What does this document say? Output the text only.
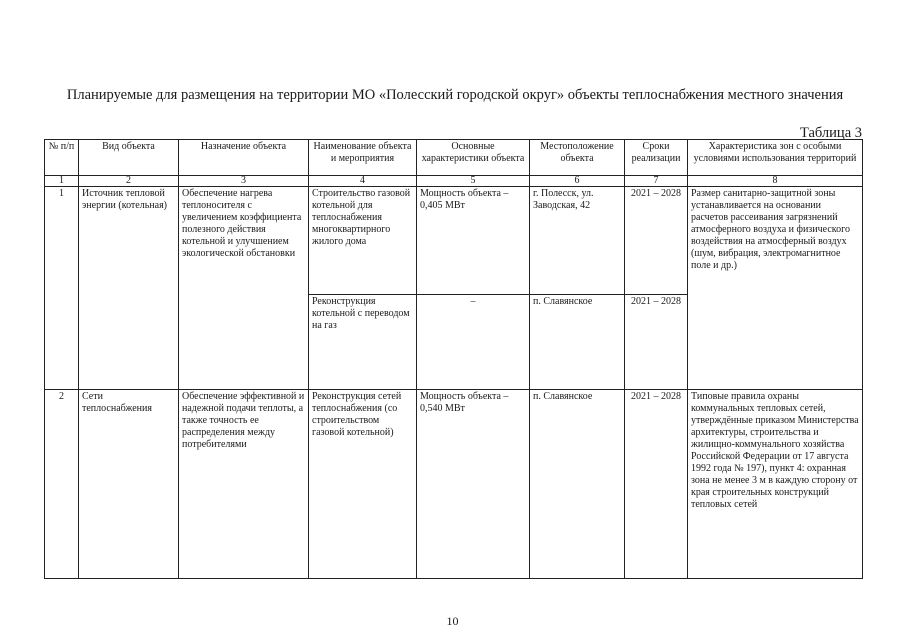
Планируемые для размещения на территории МО «Полесский городской округ» объекты теплоснабжения местного значения
Таблица 3
№ п/п	Вид объекта	Назначение объекта	Наименование объекта и мероприятия	Основные характеристики объекта	Местоположение объекта	Сроки реализации	Характеристика зон с особыми условиями использования территорий
1	2	3	4	5	6	7	8
1	Источник тепловой энергии (котельная)	Обеспечение нагрева теплоносителя с увеличением коэффициента полезного действия котельной и улучшением экологической обстановки	Строительство газовой котельной для теплоснабжения многоквартирного жилого дома	Мощность объекта – 0,405 МВт	г. Полесск, ул. Заводская, 42	2021 – 2028	Размер санитарно-защитной зоны устанавливается на основании расчетов рассеивания загрязнений атмосферного воздуха и физического воздействия на атмосферный воздух (шум, вибрация, электромагнитное поле и др.)
			Реконструкция котельной с переводом на газ	–	п. Славянское	2021 – 2028	
2	Сети теплоснабжения	Обеспечение эффективной и надежной подачи теплоты, а также точность ее распределения между потребителями	Реконструкция сетей теплоснабжения (со строительством газовой котельной)	Мощность объекта – 0,540 МВт	п. Славянское	2021 – 2028	Типовые правила охраны коммунальных тепловых сетей, утверждённые приказом Министерства архитектуры, строительства и жилищно-коммунального хозяйства Российской Федерации от 17 августа 1992 года № 197), пункт 4: охранная зона не менее 3 м в каждую сторону от края строительных конструкций тепловых сетей
10
